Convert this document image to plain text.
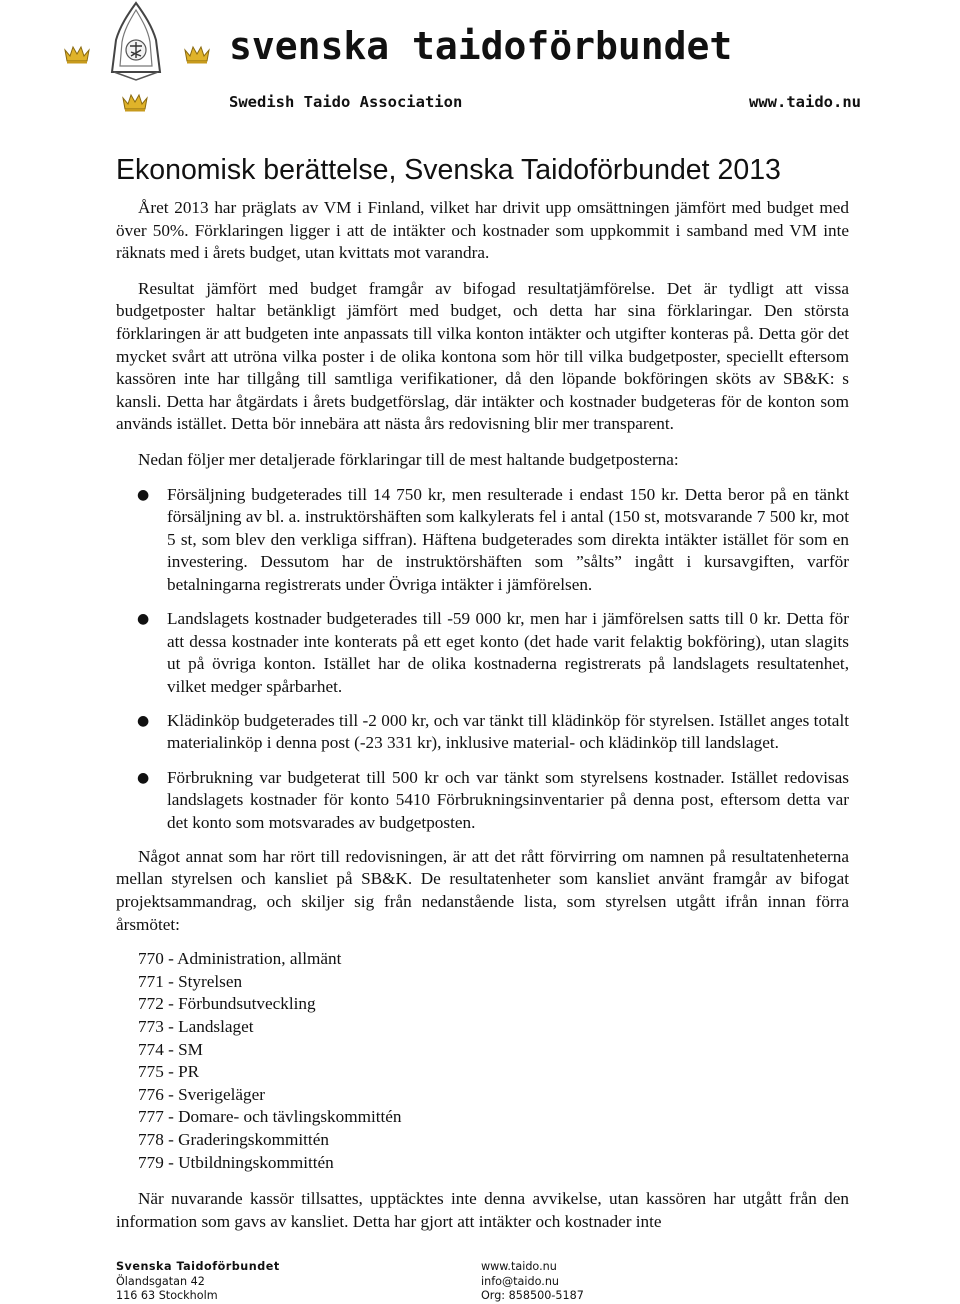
svenska taidoförbundet
Swedish Taido Association	www.taido.nu
Ekonomisk berättelse, Svenska Taidoförbundet 2013

Året 2013 har präglats av VM i Finland, vilket har drivit upp omsättningen jämfört med budget med över 50%. Förklaringen ligger i att de intäkter och kostnader som uppkommit i samband med VM inte räknats med i årets budget, utan kvittats mot varandra.

Resultat jämfört med budget framgår av bifogad resultatjämförelse. Det är tydligt att vissa budgetposter haltar betänkligt jämfört med budget, och detta har sina förklaringar. Den största förklaringen är att budgeten inte anpassats till vilka konton intäkter och utgifter konteras på. Detta gör det mycket svårt att utröna vilka poster i de olika kontona som hör till vilka budgetposter, speciellt eftersom kassören inte har tillgång till samtliga verifikationer, då den löpande bokföringen sköts av SB&K: s kansli. Detta har åtgärdats i årets budgetförslag, där intäkter och kostnader budgeteras för de konton som används istället. Detta bör innebära att nästa års redovisning blir mer transparent.

Nedan följer mer detaljerade förklaringar till de mest haltande budgetposterna:

● Försäljning budgeterades till 14 750 kr, men resulterade i endast 150 kr. Detta beror på en tänkt försäljning av bl. a. instruktörshäften som kalkylerats fel i antal (150 st, motsvarande 7 500 kr, mot 5 st, som blev den verkliga siffran). Häftena budgeterades som direkta intäkter istället för som en investering. Dessutom har de instruktörshäften som ”sålts” ingått i kursavgiften, varför betalningarna registrerats under Övriga intäkter i jämförelsen.
● Landslagets kostnader budgeterades till -59 000 kr, men har i jämförelsen satts till 0 kr. Detta för att dessa kostnader inte konterats på ett eget konto (det hade varit felaktig bokföring), utan slagits ut på övriga konton. Istället har de olika kostnaderna registrerats på landslagets resultatenhet, vilket medger spårbarhet.
● Klädinköp budgeterades till -2 000 kr, och var tänkt till klädinköp för styrelsen. Istället anges totalt materialinköp i denna post (-23 331 kr), inklusive material- och klädinköp till landslaget.
● Förbrukning var budgeterat till 500 kr och var tänkt som styrelsens kostnader. Istället redovisas landslagets kostnader för konto 5410 Förbrukningsinventarier på denna post, eftersom detta var det konto som motsvarades av budgetposten.

Något annat som har rört till redovisningen, är att det rått förvirring om namnen på resultatenheterna mellan styrelsen och kansliet på SB&K. De resultatenheter som kansliet använt framgår av bifogat projektsammandrag, och skiljer sig från nedanstående lista, som styrelsen utgått ifrån innan förra årsmötet:

770 - Administration, allmänt
771 - Styrelsen
772 - Förbundsutveckling
773 - Landslaget
774 - SM
775 - PR
776 - Sverigeläger
777 - Domare- och tävlingskommittén
778 - Graderingskommittén
779 - Utbildningskommittén

När nuvarande kassör tillsattes, upptäcktes inte denna avvikelse, utan kassören har utgått från den information som gavs av kansliet. Detta har gjort att intäkter och kostnader inte

Svenska Taidoförbundet
Ölandsgatan 42
116 63 Stockholm
www.taido.nu
info@taido.nu
Org: 858500-5187
